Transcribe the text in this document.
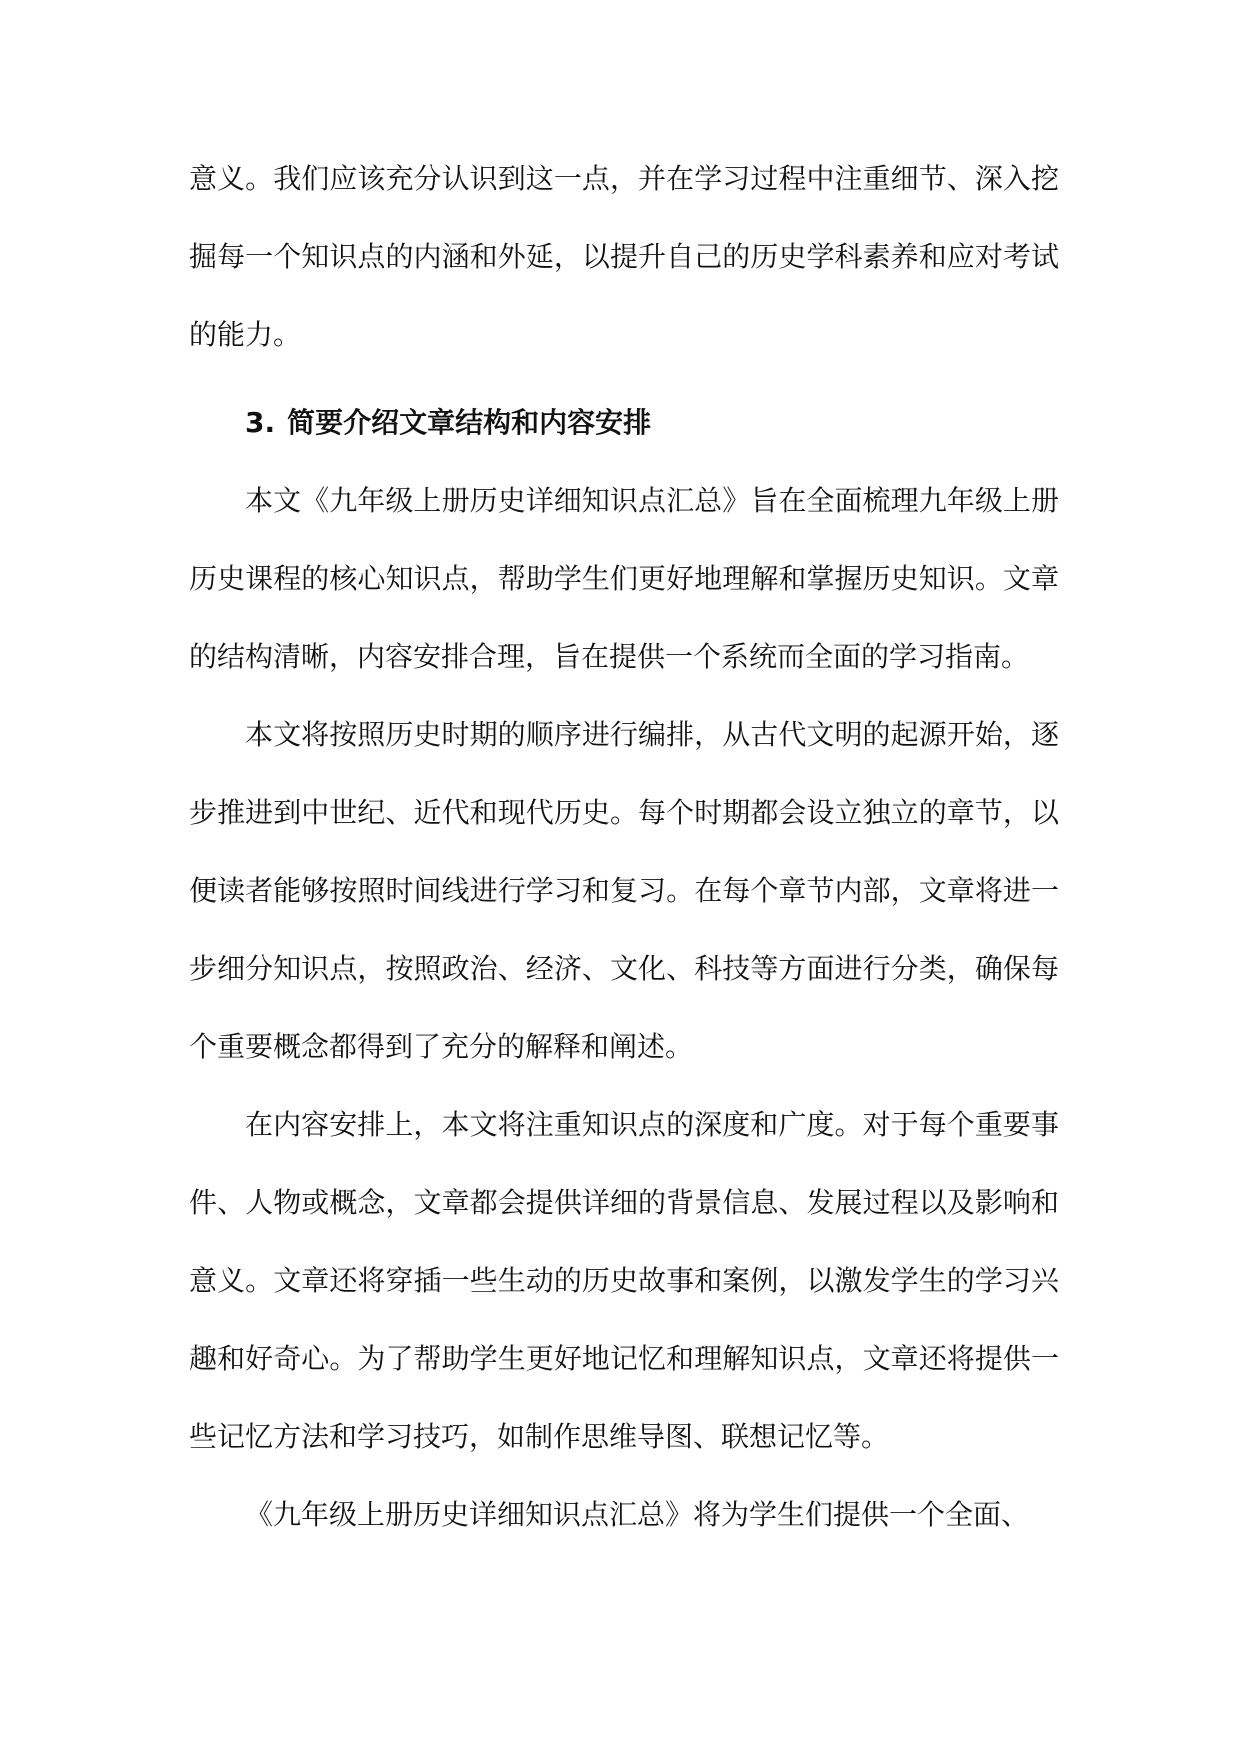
意义。我们应该充分认识到这一点，并在学习过程中注重细节、深入挖掘每一个知识点的内涵和外延，以提升自己的历史学科素养和应对考试的能力。

3. 简要介绍文章结构和内容安排

本文《九年级上册历史详细知识点汇总》旨在全面梳理九年级上册历史课程的核心知识点，帮助学生们更好地理解和掌握历史知识。文章的结构清晰，内容安排合理，旨在提供一个系统而全面的学习指南。

本文将按照历史时期的顺序进行编排，从古代文明的起源开始，逐步推进到中世纪、近代和现代历史。每个时期都会设立独立的章节，以便读者能够按照时间线进行学习和复习。在每个章节内部，文章将进一步细分知识点，按照政治、经济、文化、科技等方面进行分类，确保每个重要概念都得到了充分的解释和阐述。

在内容安排上，本文将注重知识点的深度和广度。对于每个重要事件、人物或概念，文章都会提供详细的背景信息、发展过程以及影响和意义。文章还将穿插一些生动的历史故事和案例，以激发学生的学习兴趣和好奇心。为了帮助学生更好地记忆和理解知识点，文章还将提供一些记忆方法和学习技巧，如制作思维导图、联想记忆等。

《九年级上册历史详细知识点汇总》将为学生们提供一个全面、
